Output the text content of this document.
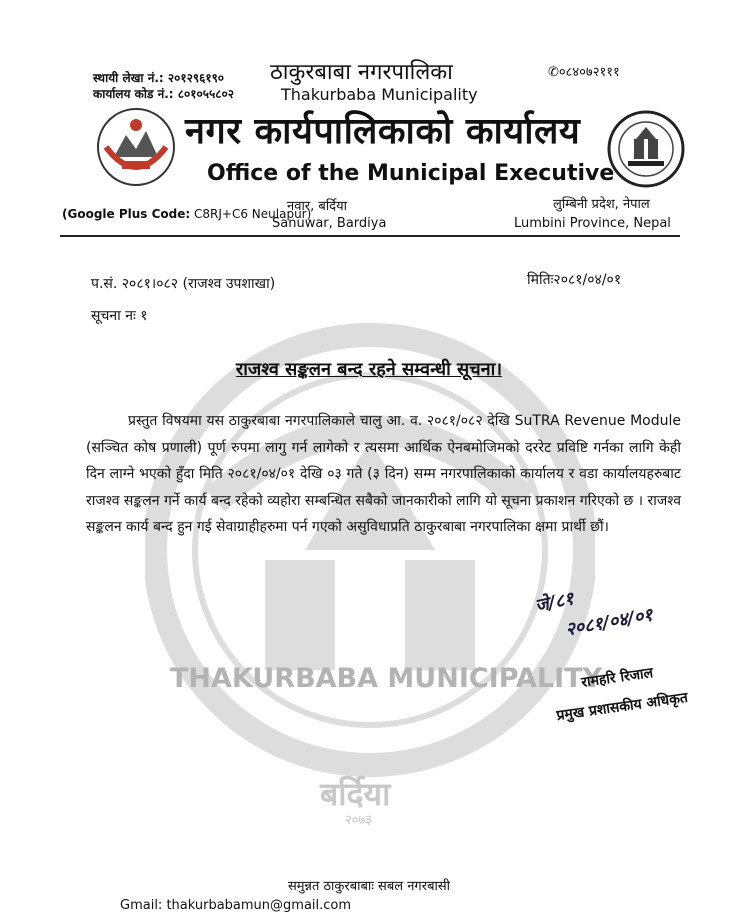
स्थायी लेखा नं.: २०१२९६१९०
कार्यालय कोड नं.: ८०१०५५८०२
ठाकुरबाबा नगरपालिका
Thakurbaba Municipality
✆०८४०७२१११
नगर कार्यपालिकाको कार्यालय
Office of the Municipal Executive
(Google Plus Code: C8RJ+C6 Neulapur)
नवार, बर्दिया
Sanuwar, Bardiya
लुम्बिनी प्रदेश, नेपाल
Lumbini Province, Nepal
प.सं. २०८१।०८२ (राजश्व उपशाखा)	मितिः२०८१/०४/०१
सूचना नः १
राजश्व सङ्कलन बन्द रहने सम्वन्धी सूचना।
प्रस्तुत विषयमा यस ठाकुरबाबा नगरपालिकाले चालु आ. व. २०८१/०८२ देखि SuTRA Revenue Module (सञ्चित कोष प्रणाली) पूर्ण रुपमा लागु गर्न लागेको र त्यसमा आर्थिक ऐनबमोजिमको दररेट प्रविष्टि गर्नका लागि केही दिन लाग्ने भएको हुँदा मिति २०८१/०४/०१ देखि ०३ गते (३ दिन) सम्म नगरपालिकाको कार्यालय र वडा कार्यालयहरुबाट राजश्व सङ्कलन गर्ने कार्य बन्द रहेको व्यहोरा सम्बन्धित सबैको जानकारीको लागि यो सूचना प्रकाशन गरिएको छ । राजश्व सङ्कलन कार्य बन्द हुन गई सेवाग्राहीहरुमा पर्न गएको असुविधाप्रति ठाकुरबाबा नगरपालिका क्षमा प्रार्थी छौं।
जे/८१
२०८१/०४/०१
THAKURBABA MUNICIPALITY
बर्दिया
२०७३
रामहरि रिजाल
प्रमुख प्रशासकीय अधिकृत
समुन्नत ठाकुरबाबाः सबल नगरबासी
Gmail: thakurbabamun@gmail.com
